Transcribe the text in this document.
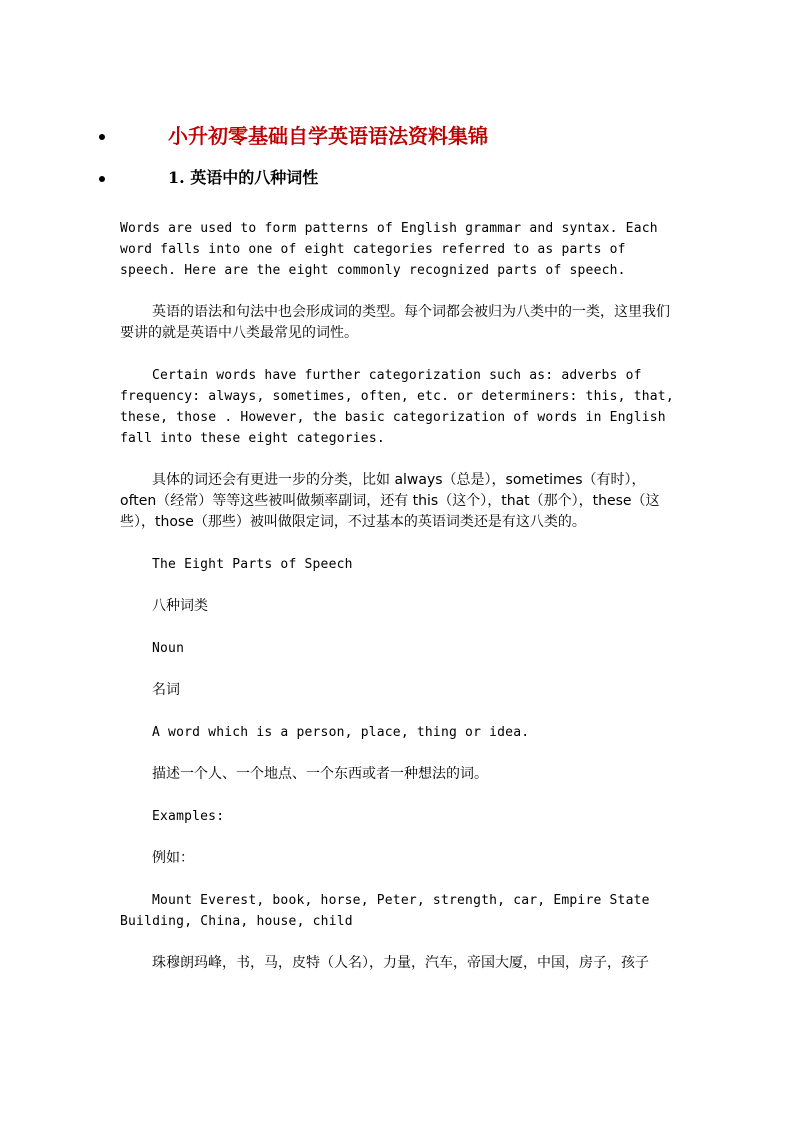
小升初零基础自学英语语法资料集锦
1. 英语中的八种词性

Words are used to form patterns of English grammar and syntax. Each word falls into one of eight categories referred to as parts of speech. Here are the eight commonly recognized parts of speech.

英语的语法和句法中也会形成词的类型。每个词都会被归为八类中的一类，这里我们要讲的就是英语中八类最常见的词性。

Certain words have further categorization such as: adverbs of frequency: always, sometimes, often, etc. or determiners: this, that, these, those . However, the basic categorization of words in English fall into these eight categories.

具体的词还会有更进一步的分类，比如 always（总是），sometimes（有时），often（经常）等等这些被叫做频率副词，还有 this（这个），that（那个），these（这些），those（那些）被叫做限定词，不过基本的英语词类还是有这八类的。

The Eight Parts of Speech

八种词类

Noun

名词

A word which is a person, place, thing or idea.

描述一个人、一个地点、一个东西或者一种想法的词。

Examples:

例如：

Mount Everest, book, horse, Peter, strength, car, Empire State Building, China, house, child

珠穆朗玛峰，书，马，皮特（人名），力量，汽车，帝国大厦，中国，房子，孩子
